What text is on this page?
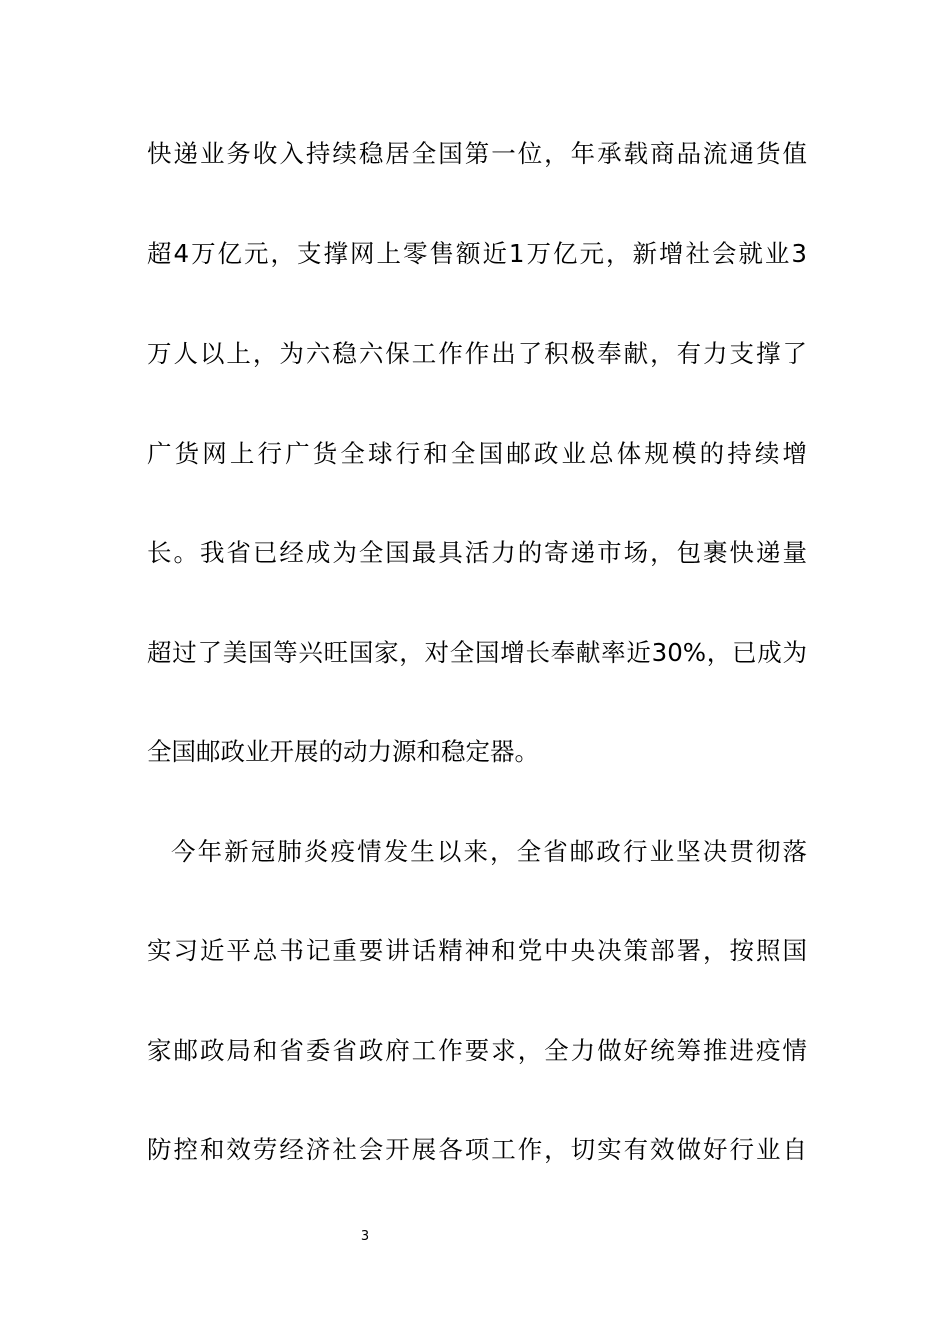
快递业务收入持续稳居全国第一位，年承载商品流通货值
超4万亿元，支撑网上零售额近1万亿元，新增社会就业3
万人以上，为六稳六保工作作出了积极奉献，有力支撑了
广货网上行广货全球行和全国邮政业总体规模的持续增
长。我省已经成为全国最具活力的寄递市场，包裹快递量
超过了美国等兴旺国家，对全国增长奉献率近30%，已成为
全国邮政业开展的动力源和稳定器。
今年新冠肺炎疫情发生以来，全省邮政行业坚决贯彻落
实习近平总书记重要讲话精神和党中央决策部署，按照国
家邮政局和省委省政府工作要求，全力做好统筹推进疫情
防控和效劳经济社会开展各项工作，切实有效做好行业自
3
